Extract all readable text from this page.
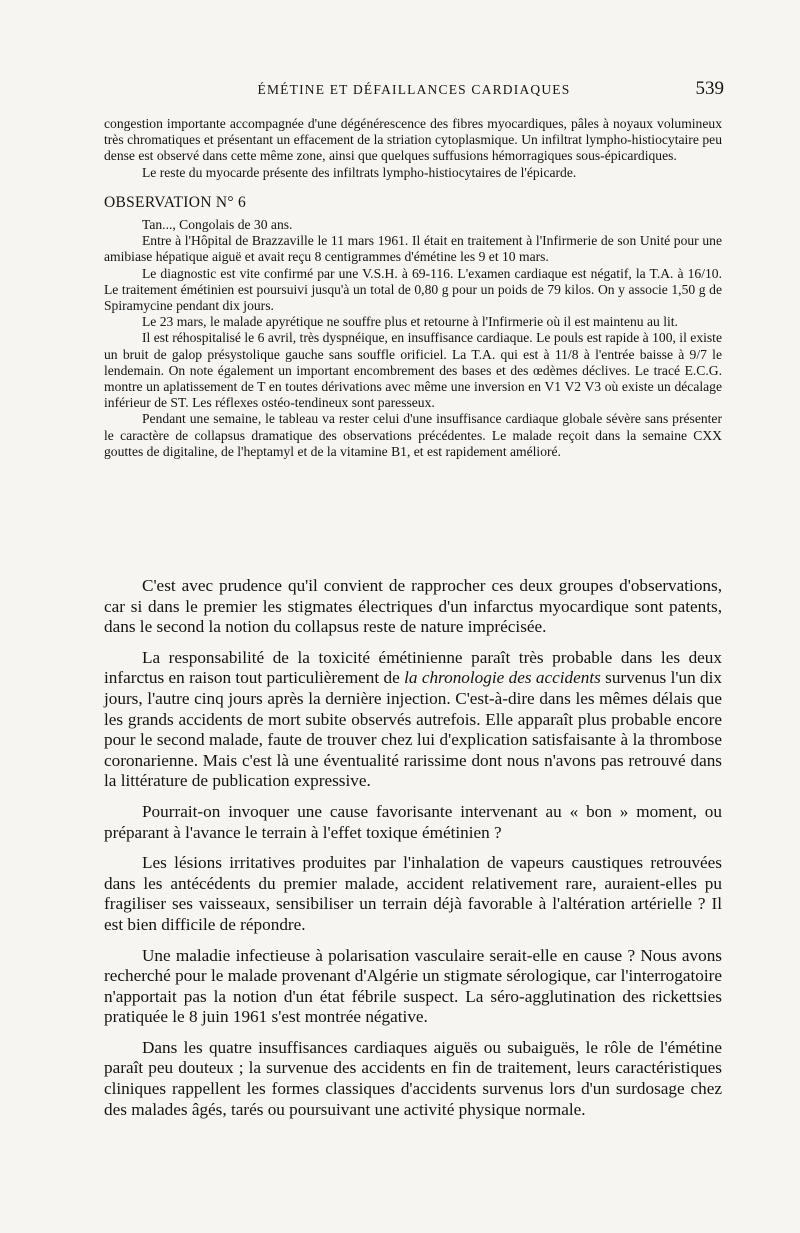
ÉMÉTINE ET DÉFAILLANCES CARDIAQUES	539

congestion importante accompagnée d'une dégénérescence des fibres myocardiques, pâles à noyaux volumineux très chromatiques et présentant un effacement de la striation cytoplasmique. Un infiltrat lympho-histiocytaire peu dense est observé dans cette même zone, ainsi que quelques suffusions hémorragiques sous-épicardiques.

Le reste du myocarde présente des infiltrats lympho-histiocytaires de l'épicarde.

OBSERVATION N° 6

Tan..., Congolais de 30 ans.

Entre à l'Hôpital de Brazzaville le 11 mars 1961. Il était en traitement à l'Infirmerie de son Unité pour une amibiase hépatique aiguë et avait reçu 8 centigrammes d'émétine les 9 et 10 mars.

Le diagnostic est vite confirmé par une V.S.H. à 69-116. L'examen cardiaque est négatif, la T.A. à 16/10. Le traitement émétinien est poursuivi jusqu'à un total de 0,80 g pour un poids de 79 kilos. On y associe 1,50 g de Spiramycine pendant dix jours.

Le 23 mars, le malade apyrétique ne souffre plus et retourne à l'Infirmerie où il est maintenu au lit.

Il est réhospitalisé le 6 avril, très dyspnéique, en insuffisance cardiaque. Le pouls est rapide à 100, il existe un bruit de galop présystolique gauche sans souffle orificiel. La T.A. qui est à 11/8 à l'entrée baisse à 9/7 le lendemain. On note également un important encombrement des bases et des œdèmes déclives. Le tracé E.C.G. montre un aplatissement de T en toutes dérivations avec même une inversion en V1 V2 V3 où existe un décalage inférieur de ST. Les réflexes ostéo-tendineux sont paresseux.

Pendant une semaine, le tableau va rester celui d'une insuffisance cardiaque globale sévère sans présenter le caractère de collapsus dramatique des observations précédentes. Le malade reçoit dans la semaine CXX gouttes de digitaline, de l'heptamyl et de la vitamine B1, et est rapidement amélioré.

C'est avec prudence qu'il convient de rapprocher ces deux groupes d'observations, car si dans le premier les stigmates électriques d'un infarctus myocardique sont patents, dans le second la notion du collapsus reste de nature imprécisée.

La responsabilité de la toxicité émétinienne paraît très probable dans les deux infarctus en raison tout particulièrement de la chronologie des accidents survenus l'un dix jours, l'autre cinq jours après la dernière injection. C'est-à-dire dans les mêmes délais que les grands accidents de mort subite observés autrefois. Elle apparaît plus probable encore pour le second malade, faute de trouver chez lui d'explication satisfaisante à la thrombose coronarienne. Mais c'est là une éventualité rarissime dont nous n'avons pas retrouvé dans la littérature de publication expressive.

Pourrait-on invoquer une cause favorisante intervenant au « bon » moment, ou préparant à l'avance le terrain à l'effet toxique émétinien ?

Les lésions irritatives produites par l'inhalation de vapeurs caustiques retrouvées dans les antécédents du premier malade, accident relativement rare, auraient-elles pu fragiliser ses vaisseaux, sensibiliser un terrain déjà favorable à l'altération artérielle ? Il est bien difficile de répondre.

Une maladie infectieuse à polarisation vasculaire serait-elle en cause ? Nous avons recherché pour le malade provenant d'Algérie un stigmate sérologique, car l'interrogatoire n'apportait pas la notion d'un état fébrile suspect. La séro-agglutination des rickettsies pratiquée le 8 juin 1961 s'est montrée négative.

Dans les quatre insuffisances cardiaques aiguës ou subaiguës, le rôle de l'émétine paraît peu douteux ; la survenue des accidents en fin de traitement, leurs caractéristiques cliniques rappellent les formes classiques d'accidents survenus lors d'un surdosage chez des malades âgés, tarés ou poursuivant une activité physique normale.
